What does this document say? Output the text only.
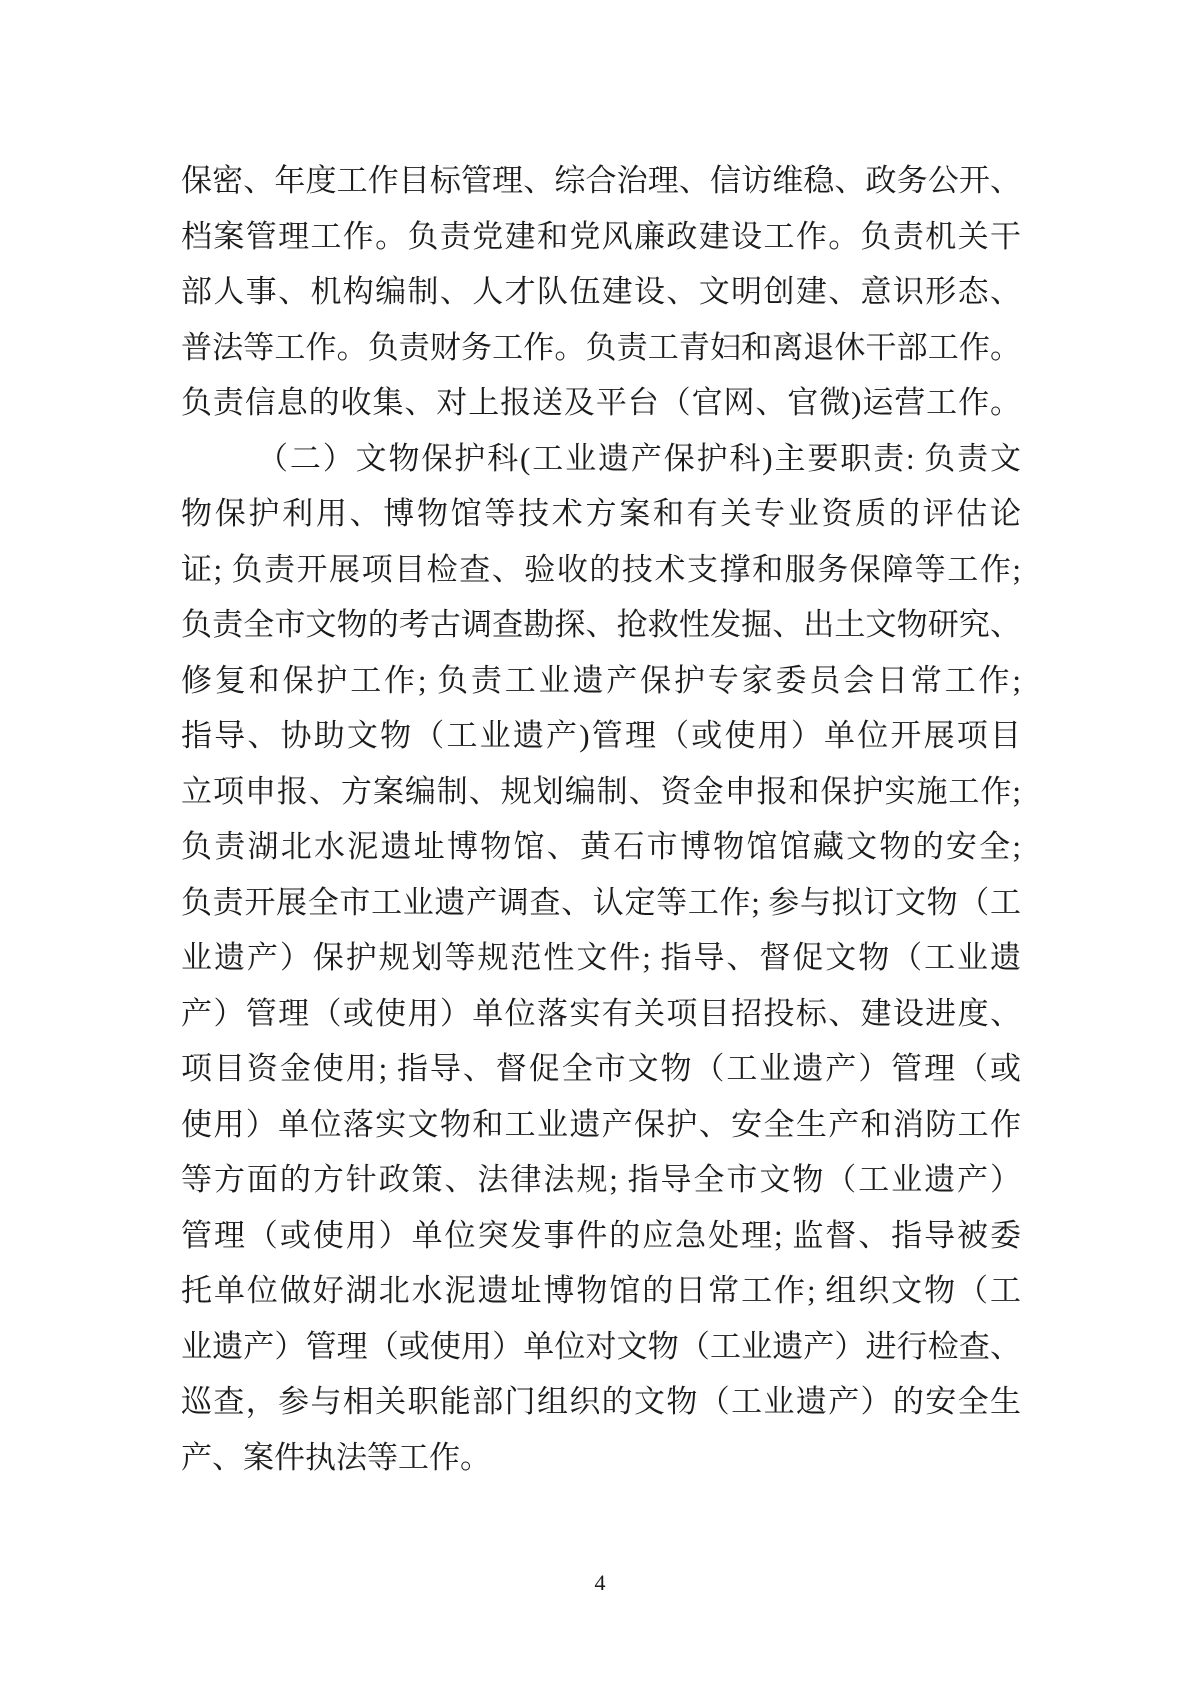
保密、年度工作目标管理、综合治理、信访维稳、政务公开、
档案管理工作。负责党建和党风廉政建设工作。负责机关干
部人事、机构编制、人才队伍建设、文明创建、意识形态、
普法等工作。负责财务工作。负责工青妇和离退休干部工作。
负责信息的收集、对上报送及平台（官网、官微)运营工作。
（二）文物保护科(工业遗产保护科)主要职责: 负责文
物保护利用、博物馆等技术方案和有关专业资质的评估论
证; 负责开展项目检查、验收的技术支撑和服务保障等工作;
负责全市文物的考古调查勘探、抢救性发掘、出土文物研究、
修复和保护工作; 负责工业遗产保护专家委员会日常工作;
指导、协助文物（工业遗产)管理（或使用）单位开展项目
立项申报、方案编制、规划编制、资金申报和保护实施工作;
负责湖北水泥遗址博物馆、黄石市博物馆馆藏文物的安全;
负责开展全市工业遗产调查、认定等工作; 参与拟订文物（工
业遗产）保护规划等规范性文件; 指导、督促文物（工业遗
产）管理（或使用）单位落实有关项目招投标、建设进度、
项目资金使用; 指导、督促全市文物（工业遗产）管理（或
使用）单位落实文物和工业遗产保护、安全生产和消防工作
等方面的方针政策、法律法规; 指导全市文物（工业遗产）
管理（或使用）单位突发事件的应急处理; 监督、指导被委
托单位做好湖北水泥遗址博物馆的日常工作; 组织文物（工
业遗产）管理（或使用）单位对文物（工业遗产）进行检查、
巡查，参与相关职能部门组织的文物（工业遗产）的安全生
产、案件执法等工作。
4
